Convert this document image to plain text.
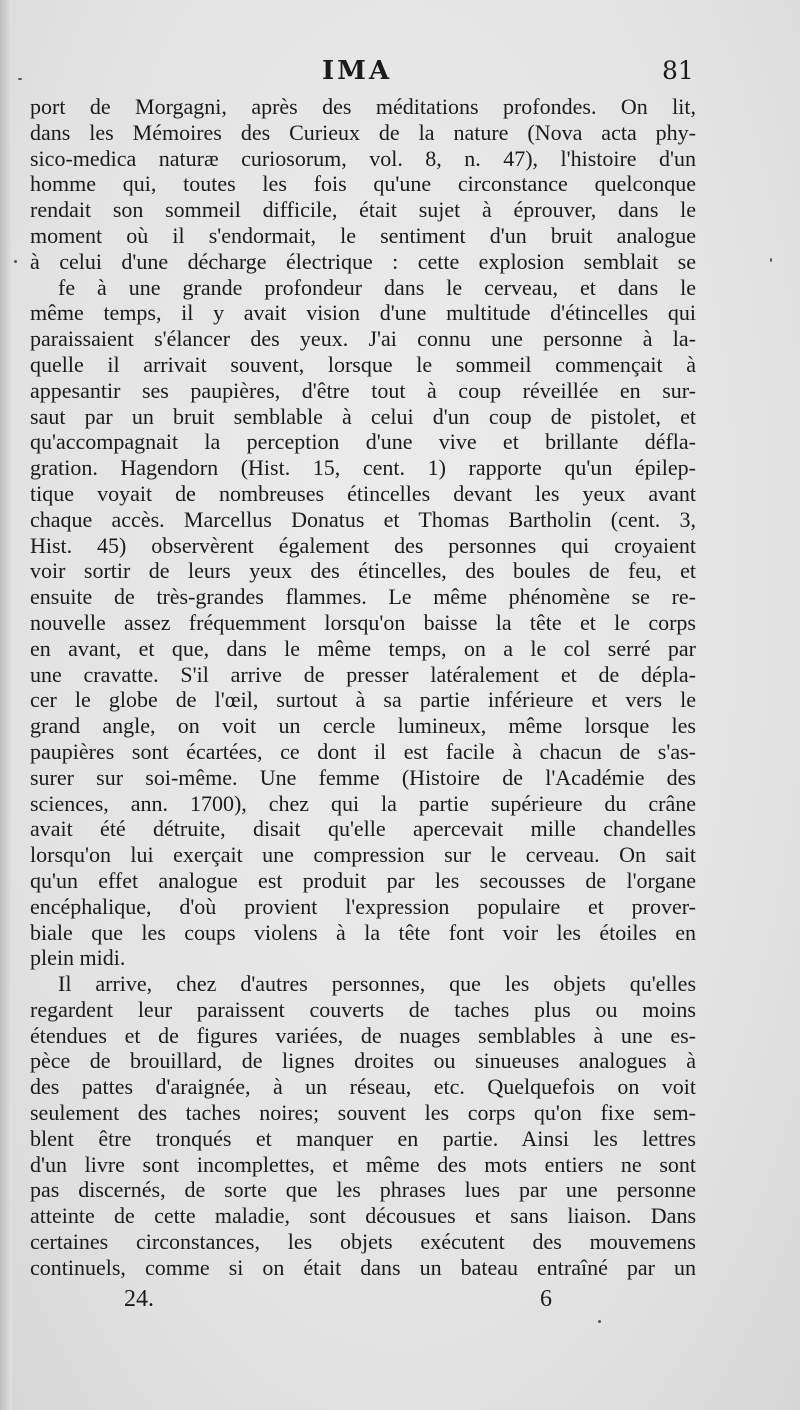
IMA	81
port de Morgagni, après des méditations profondes. On lit,
dans les Mémoires des Curieux de la nature (Nova acta phy-
sico-medica naturæ curiosorum, vol. 8, n. 47), l'histoire d'un
homme qui, toutes les fois qu'une circonstance quelconque
rendait son sommeil difficile, était sujet à éprouver, dans le
moment où il s'endormait, le sentiment d'un bruit analogue
à celui d'une décharge électrique : cette explosion semblait se
fe à une grande profondeur dans le cerveau, et dans le
même temps, il y avait vision d'une multitude d'étincelles qui
paraissaient s'élancer des yeux. J'ai connu une personne à la-
quelle il arrivait souvent, lorsque le sommeil commençait à
appesantir ses paupières, d'être tout à coup réveillée en sur-
saut par un bruit semblable à celui d'un coup de pistolet, et
qu'accompagnait la perception d'une vive et brillante défla-
gration. Hagendorn (Hist. 15, cent. 1) rapporte qu'un épilep-
tique voyait de nombreuses étincelles devant les yeux avant
chaque accès. Marcellus Donatus et Thomas Bartholin (cent. 3,
Hist. 45) observèrent également des personnes qui croyaient
voir sortir de leurs yeux des étincelles, des boules de feu, et
ensuite de très-grandes flammes. Le même phénomène se re-
nouvelle assez fréquemment lorsqu'on baisse la tête et le corps
en avant, et que, dans le même temps, on a le col serré par
une cravatte. S'il arrive de presser latéralement et de dépla-
cer le globe de l'œil, surtout à sa partie inférieure et vers le
grand angle, on voit un cercle lumineux, même lorsque les
paupières sont écartées, ce dont il est facile à chacun de s'as-
surer sur soi-même. Une femme (Histoire de l'Académie des
sciences, ann. 1700), chez qui la partie supérieure du crâne
avait été détruite, disait qu'elle apercevait mille chandelles
lorsqu'on lui exerçait une compression sur le cerveau. On sait
qu'un effet analogue est produit par les secousses de l'organe
encéphalique, d'où provient l'expression populaire et prover-
biale que les coups violens à la tête font voir les étoiles en
plein midi.
Il arrive, chez d'autres personnes, que les objets qu'elles
regardent leur paraissent couverts de taches plus ou moins
étendues et de figures variées, de nuages semblables à une es-
pèce de brouillard, de lignes droites ou sinueuses analogues à
des pattes d'araignée, à un réseau, etc. Quelquefois on voit
seulement des taches noires; souvent les corps qu'on fixe sem-
blent être tronqués et manquer en partie. Ainsi les lettres
d'un livre sont incomplettes, et même des mots entiers ne sont
pas discernés, de sorte que les phrases lues par une personne
atteinte de cette maladie, sont décousues et sans liaison. Dans
certaines circonstances, les objets exécutent des mouvemens
continuels, comme si on était dans un bateau entraîné par un
24.	6
